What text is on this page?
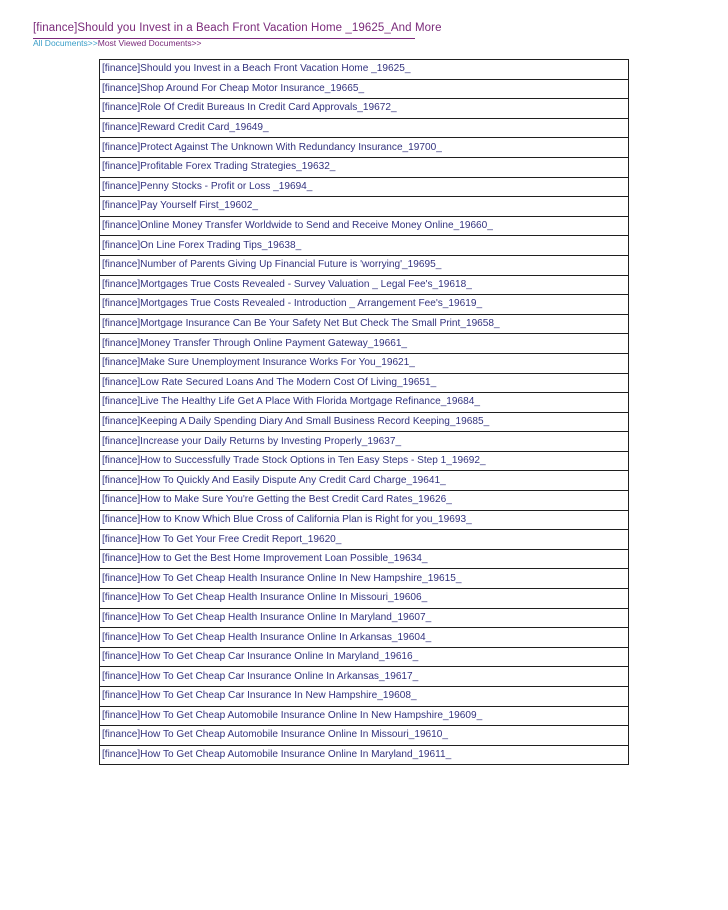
[finance]Should you Invest in a Beach Front Vacation Home _19625_And More
All Documents>>Most Viewed Documents>>
[finance]Should you Invest in a Beach Front Vacation Home _19625_
[finance]Shop Around For Cheap Motor Insurance_19665_
[finance]Role Of Credit Bureaus In Credit Card Approvals_19672_
[finance]Reward Credit Card_19649_
[finance]Protect Against The Unknown With Redundancy Insurance_19700_
[finance]Profitable Forex Trading Strategies_19632_
[finance]Penny Stocks - Profit or Loss _19694_
[finance]Pay Yourself First_19602_
[finance]Online Money Transfer Worldwide to Send and Receive Money Online_19660_
[finance]On Line Forex Trading Tips_19638_
[finance]Number of Parents Giving Up Financial Future is 'worrying'_19695_
[finance]Mortgages True Costs Revealed - Survey Valuation _ Legal Fee's_19618_
[finance]Mortgages True Costs Revealed - Introduction _ Arrangement Fee's_19619_
[finance]Mortgage Insurance Can Be Your Safety Net But Check The Small Print_19658_
[finance]Money Transfer Through Online Payment Gateway_19661_
[finance]Make Sure Unemployment Insurance Works For You_19621_
[finance]Low Rate Secured Loans And The Modern Cost Of Living_19651_
[finance]Live The Healthy Life Get A Place With Florida Mortgage Refinance_19684_
[finance]Keeping A Daily Spending Diary And Small Business Record Keeping_19685_
[finance]Increase your Daily Returns by Investing Properly_19637_
[finance]How to Successfully Trade Stock Options in Ten Easy Steps - Step 1_19692_
[finance]How To Quickly And Easily Dispute Any Credit Card Charge_19641_
[finance]How to Make Sure You're Getting the Best Credit Card Rates_19626_
[finance]How to Know Which Blue Cross of California Plan is Right for you_19693_
[finance]How To Get Your Free Credit Report_19620_
[finance]How to Get the Best Home Improvement Loan Possible_19634_
[finance]How To Get Cheap Health Insurance Online In New Hampshire_19615_
[finance]How To Get Cheap Health Insurance Online In Missouri_19606_
[finance]How To Get Cheap Health Insurance Online In Maryland_19607_
[finance]How To Get Cheap Health Insurance Online In Arkansas_19604_
[finance]How To Get Cheap Car Insurance Online In Maryland_19616_
[finance]How To Get Cheap Car Insurance Online In Arkansas_19617_
[finance]How To Get Cheap Car Insurance In New Hampshire_19608_
[finance]How To Get Cheap Automobile Insurance Online In New Hampshire_19609_
[finance]How To Get Cheap Automobile Insurance Online In Missouri_19610_
[finance]How To Get Cheap Automobile Insurance Online In Maryland_19611_
